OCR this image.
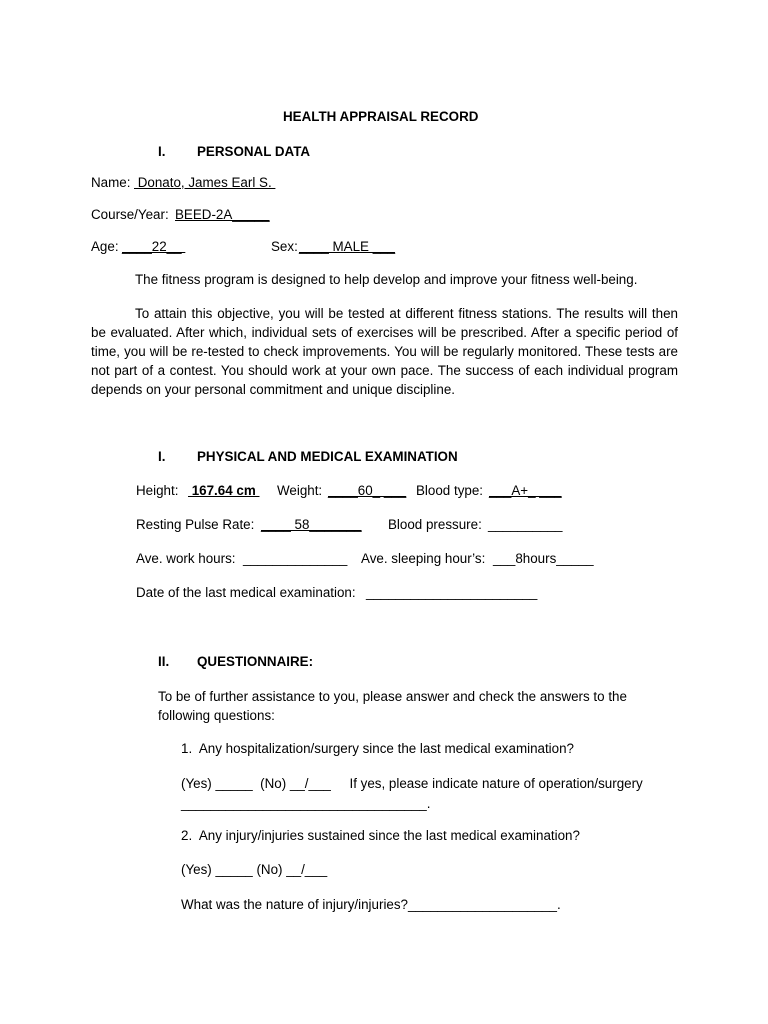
HEALTH APPRAISAL RECORD
I. PERSONAL DATA
Name: Donato, James Earl S.
Course/Year: BEED-2A_____
Age: ____22__	Sex: ____ MALE ___
The fitness program is designed to help develop and improve your fitness well-being.
To attain this objective, you will be tested at different fitness stations. The results will then be evaluated. After which, individual sets of exercises will be prescribed. After a specific period of time, you will be re-tested to check improvements. You will be regularly monitored. These tests are not part of a contest. You should work at your own pace. The success of each individual program depends on your personal commitment and unique discipline.
I. PHYSICAL AND MEDICAL EXAMINATION
Height: 167.64 cm Weight: ____60_ ___ Blood type: ___A+_ ___
Resting Pulse Rate: ____ 58_______ Blood pressure: __________
Ave. work hours: ______________ Ave. sleeping hour’s: ___8hours_____
Date of the last medical examination: _______________________
II. QUESTIONNAIRE:
To be of further assistance to you, please answer and check the answers to the following questions:
1.  Any hospitalization/surgery since the last medical examination?
(Yes) _____  (No) __/___     If yes, please indicate nature of operation/surgery
_________________________________.
2.  Any injury/injuries sustained since the last medical examination?
(Yes) _____ (No) __/___
What was the nature of injury/injuries?____________________.
